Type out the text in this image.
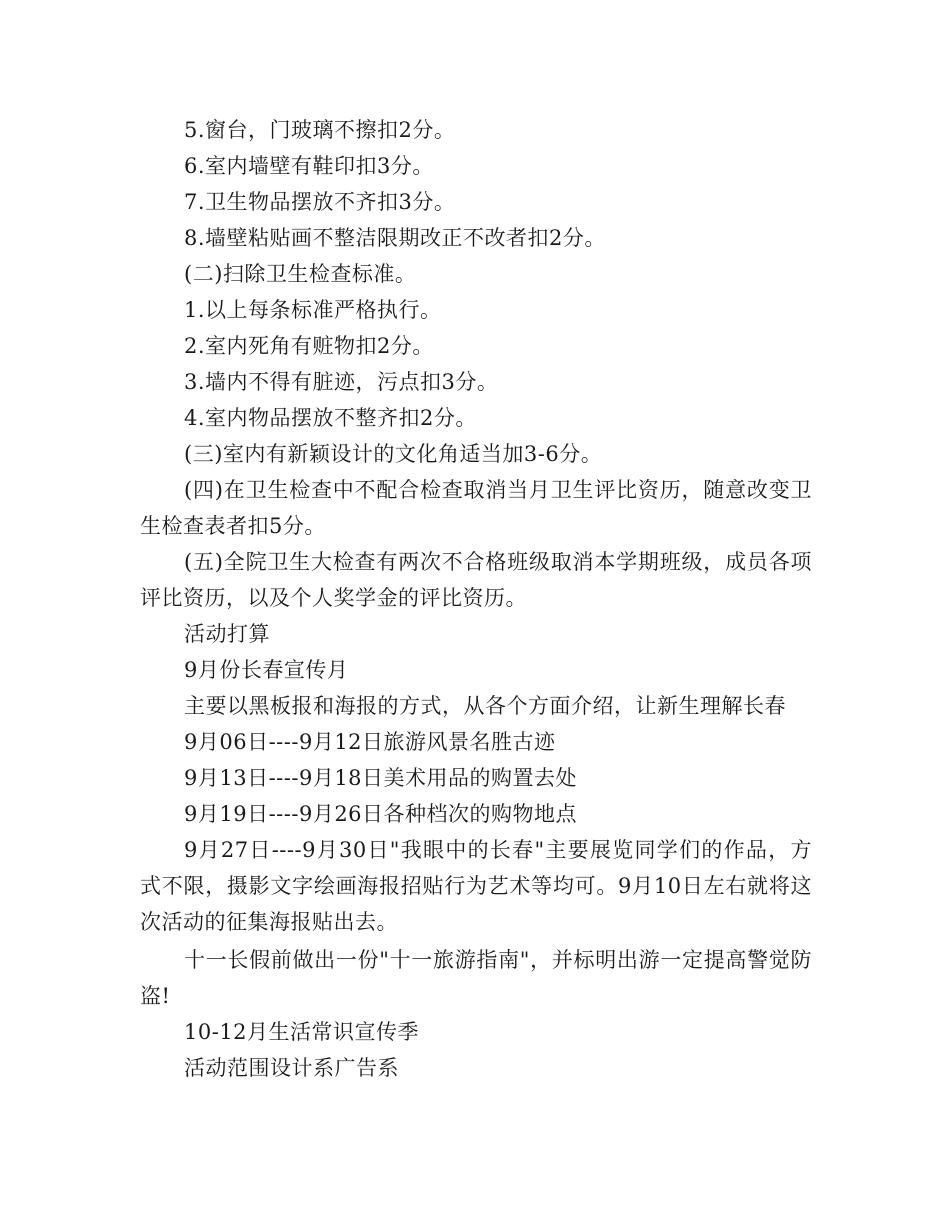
5.窗台，门玻璃不擦扣2分。

6.室内墙壁有鞋印扣3分。

7.卫生物品摆放不齐扣3分。

8.墙壁粘贴画不整洁限期改正不改者扣2分。

(二)扫除卫生检查标准。

1.以上每条标准严格执行。

2.室内死角有赃物扣2分。

3.墙内不得有脏迹，污点扣3分。

4.室内物品摆放不整齐扣2分。

(三)室内有新颖设计的文化角适当加3-6分。

(四)在卫生检查中不配合检查取消当月卫生评比资历，随意改变卫生检查表者扣5分。

(五)全院卫生大检查有两次不合格班级取消本学期班级，成员各项评比资历，以及个人奖学金的评比资历。

活动打算

9月份长春宣传月

主要以黑板报和海报的方式，从各个方面介绍，让新生理解长春

9月06日----9月12日旅游风景名胜古迹

9月13日----9月18日美术用品的购置去处

9月19日----9月26日各种档次的购物地点

9月27日----9月30日"我眼中的长春"主要展览同学们的作品，方式不限，摄影文字绘画海报招贴行为艺术等均可。9月10日左右就将这次活动的征集海报贴出去。

十一长假前做出一份"十一旅游指南"，并标明出游一定提高警觉防盗!

10-12月生活常识宣传季

活动范围设计系广告系
